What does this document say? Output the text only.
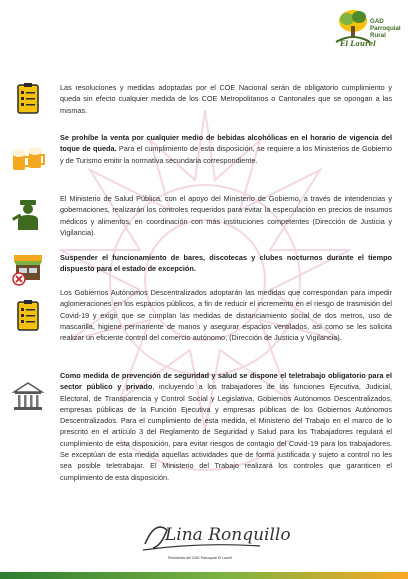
El Laurel
GAD
Parroquial
Rural

Las resoluciones y medidas adoptadas por el COE Nacional serán de obligatorio cumplimiento y queda sin efecto cualquier medida de los COE Metropolitanos o Cantonales que se opongan a las mismas.

Se prohíbe la venta por cualquier medio de bebidas alcohólicas en el horario de vigencia del toque de queda. Para el cumplimiento de esta disposición, se requiere a los Ministerios de Gobierno y de Turismo emitir la normativa secundaria correspondiente.

El Ministerio de Salud Pública, con el apoyo del Ministerio de Gobierno, a través de intendencias y gobernaciones, realizarán los controles requeridos para evitar la especulación en precios de insumos médicos y alimentos, en coordinación con más instituciones competentes (Dirección de Justicia y Vigilancia).

Suspender el funcionamiento de bares, discotecas y clubes nocturnos durante el tiempo dispuesto para el estado de excepción.

Los Gobiernos Autónomos Descentralizados adoptarán las medidas que correspondan para impedir aglomeraciones en los espacios públicos, a fin de reducir el incremento en el riesgo de trasmisión del Covid-19 y exigir que se cumplan las medidas de distanciamiento social de dos metros, uso de mascarilla, higiene permanente de manos y asegurar espacios ventilados, así como se les solicita realizar un eficiente control del comercio autónomo, (Dirección de Justicia y Vigilancia).

Como medida de prevención de seguridad y salud se dispone el teletrabajo obligatorio para el sector público y privado, incluyendo a los trabajadores de las funciones Ejecutiva, Judicial, Electoral, de Transparencia y Control Social y Legislativa, Gobiernos Autónomos Descentralizados, empresas públicas de la Función Ejecutiva y empresas públicas de los Gobiernos Autónomos Descentralizados. Para el cumplimiento de esta medida, el Ministerio del Trabajo en el marco de lo prescrito en el artículo 3 del Reglamento de Seguridad y Salud para los Trabajadores regulará el cumplimiento de esta disposición, para evitar riesgos de contagio del Covid-19 para los trabajadores. Se exceptúan de esta medida aquellas actividades que de forma justificada y sujeto a control no les sea posible teletrabajar. El Ministerio del Trabajo realizará los controles que garanticen el cumplimiento de esta disposición.

Lina Ronquillo
Presidenta del GAD Parroquial El Laurel
